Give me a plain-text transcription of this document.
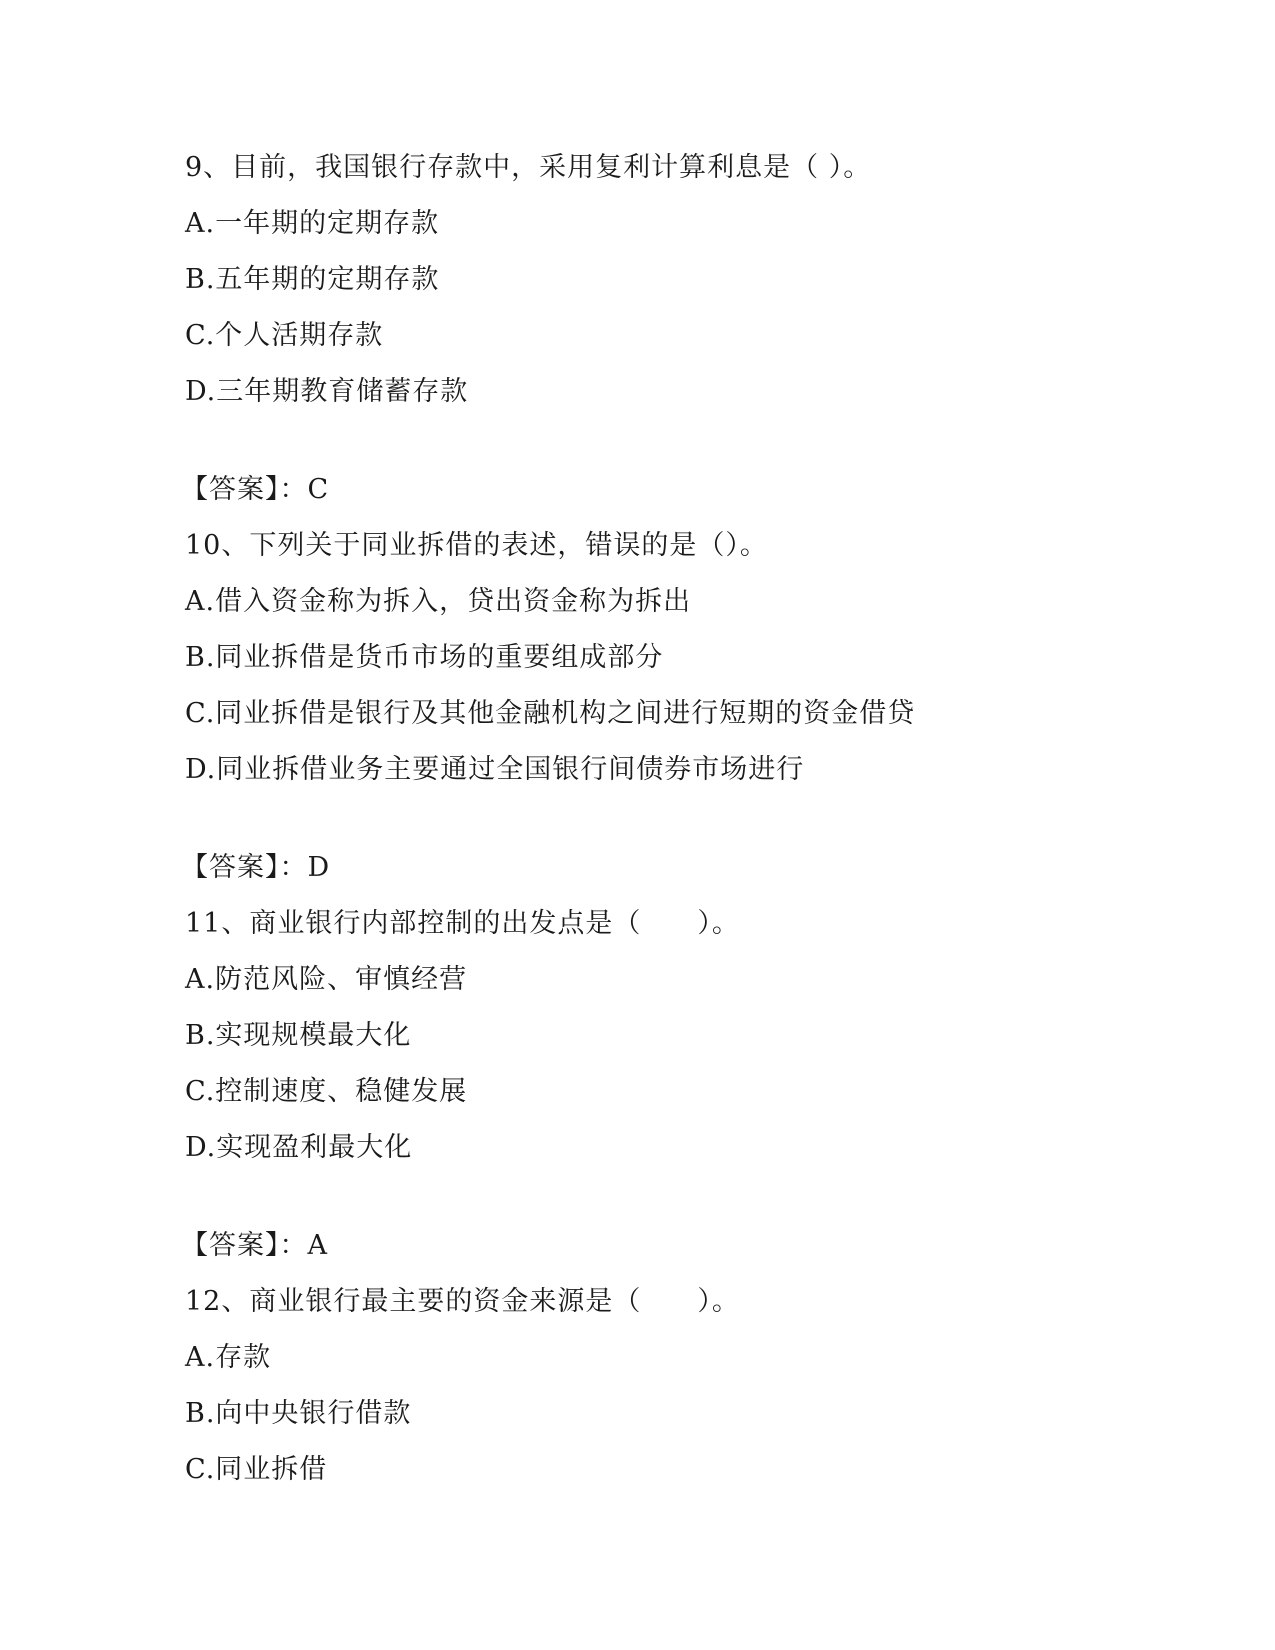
9、目前，我国银行存款中，采用复利计算利息是（ ）。
A.一年期的定期存款
B.五年期的定期存款
C.个人活期存款
D.三年期教育储蓄存款
【答案】：C
10、下列关于同业拆借的表述，错误的是（）。
A.借入资金称为拆入，贷出资金称为拆出
B.同业拆借是货币市场的重要组成部分
C.同业拆借是银行及其他金融机构之间进行短期的资金借贷
D.同业拆借业务主要通过全国银行间债券市场进行
【答案】：D
11、商业银行内部控制的出发点是（　　）。
A.防范风险、审慎经营
B.实现规模最大化
C.控制速度、稳健发展
D.实现盈利最大化
【答案】：A
12、商业银行最主要的资金来源是（　　）。
A.存款
B.向中央银行借款
C.同业拆借
